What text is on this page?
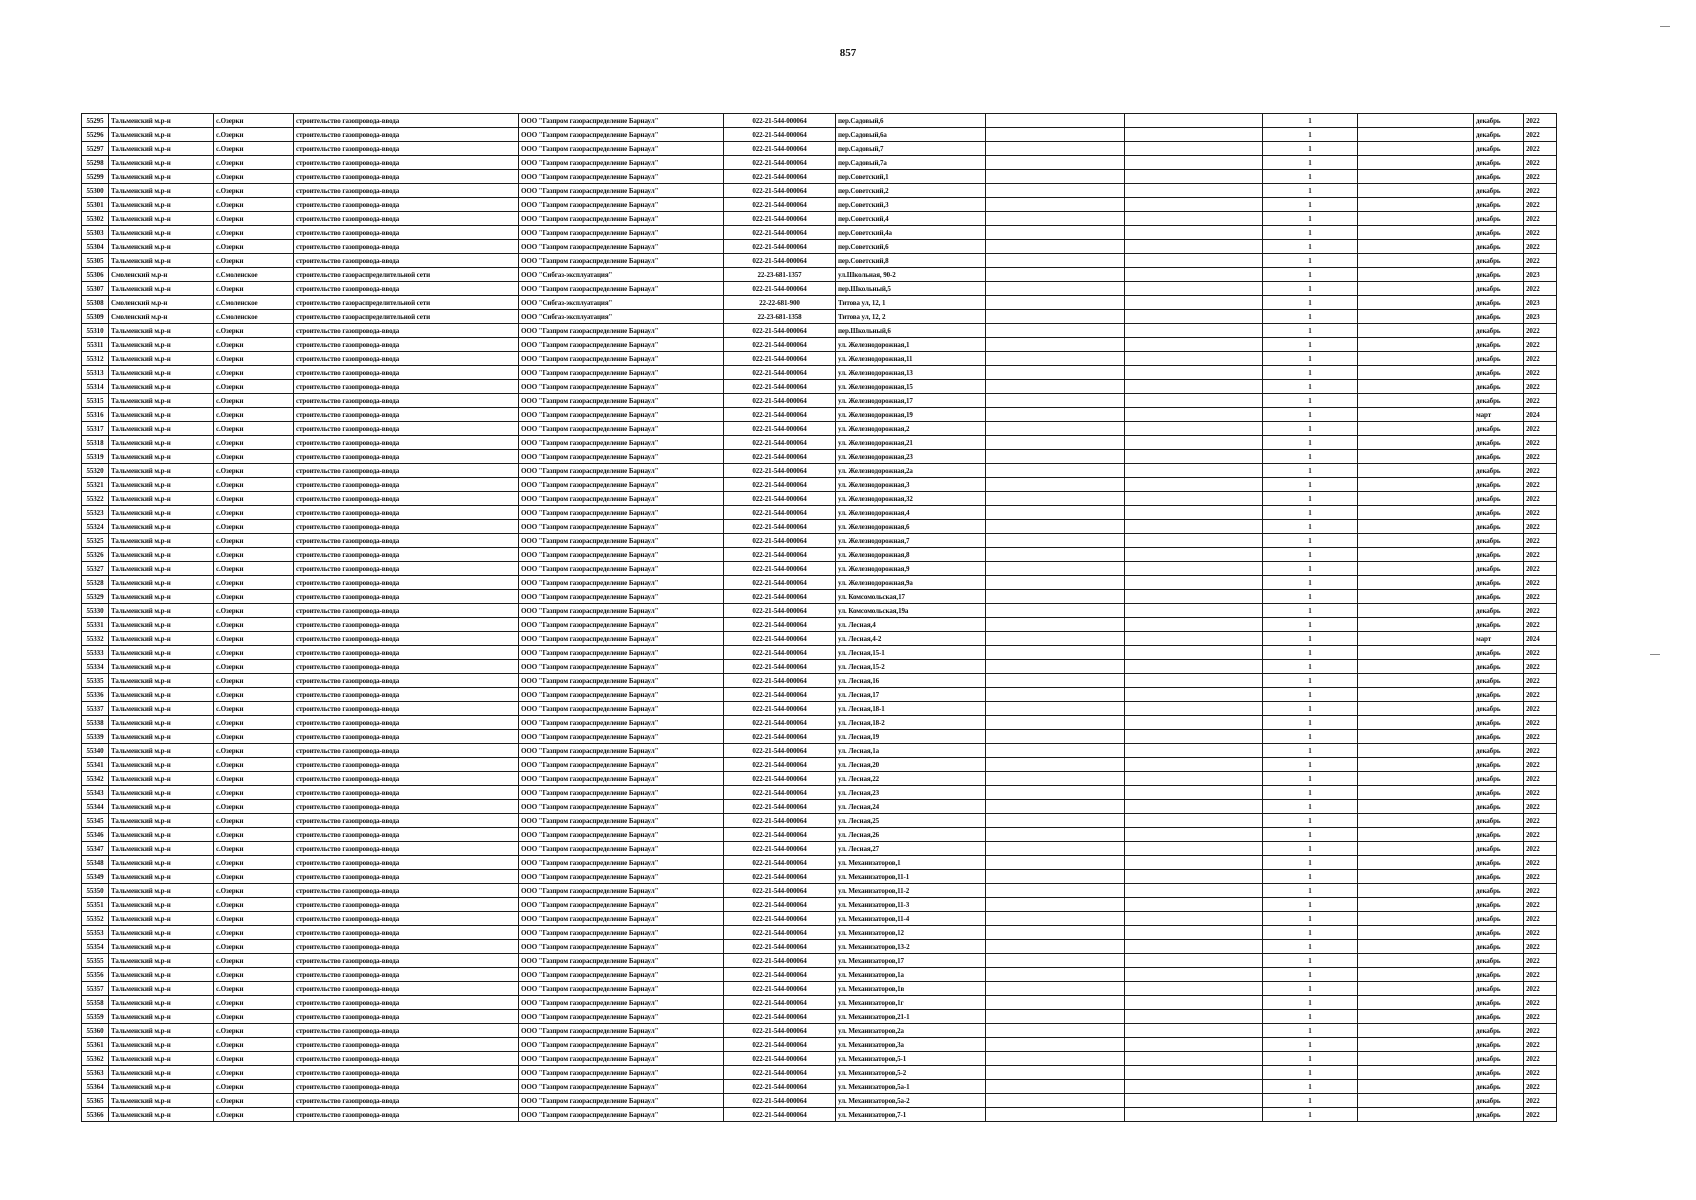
857
55295	Тальменский м.р-н	с.Озерки	строительство газопровода-ввода	ООО "Газпром газораспределение Барнаул"	022-21-544-000064	пер.Садовый,6			1		декабрь	2022
55296	Тальменский м.р-н	с.Озерки	строительство газопровода-ввода	ООО "Газпром газораспределение Барнаул"	022-21-544-000064	пер.Садовый,6а			1		декабрь	2022
55297	Тальменский м.р-н	с.Озерки	строительство газопровода-ввода	ООО "Газпром газораспределение Барнаул"	022-21-544-000064	пер.Садовый,7			1		декабрь	2022
55298	Тальменский м.р-н	с.Озерки	строительство газопровода-ввода	ООО "Газпром газораспределение Барнаул"	022-21-544-000064	пер.Садовый,7а			1		декабрь	2022
55299	Тальменский м.р-н	с.Озерки	строительство газопровода-ввода	ООО "Газпром газораспределение Барнаул"	022-21-544-000064	пер.Советский,1			1		декабрь	2022
55300	Тальменский м.р-н	с.Озерки	строительство газопровода-ввода	ООО "Газпром газораспределение Барнаул"	022-21-544-000064	пер.Советский,2			1		декабрь	2022
55301	Тальменский м.р-н	с.Озерки	строительство газопровода-ввода	ООО "Газпром газораспределение Барнаул"	022-21-544-000064	пер.Советский,3			1		декабрь	2022
55302	Тальменский м.р-н	с.Озерки	строительство газопровода-ввода	ООО "Газпром газораспределение Барнаул"	022-21-544-000064	пер.Советский,4			1		декабрь	2022
55303	Тальменский м.р-н	с.Озерки	строительство газопровода-ввода	ООО "Газпром газораспределение Барнаул"	022-21-544-000064	пер.Советский,4а			1		декабрь	2022
55304	Тальменский м.р-н	с.Озерки	строительство газопровода-ввода	ООО "Газпром газораспределение Барнаул"	022-21-544-000064	пер.Советский,6			1		декабрь	2022
55305	Тальменский м.р-н	с.Озерки	строительство газопровода-ввода	ООО "Газпром газораспределение Барнаул"	022-21-544-000064	пер.Советский,8			1		декабрь	2022
55306	Смоленский м.р-н	с.Смоленское	строительство газораспределительной сети	ООО "Сибгаз-эксплуатация"	22-23-681-1357	ул.Школьная, 90-2			1		декабрь	2023
55307	Тальменский м.р-н	с.Озерки	строительство газопровода-ввода	ООО "Газпром газораспределение Барнаул"	022-21-544-000064	пер.Школьный,5			1		декабрь	2022
55308	Смоленский м.р-н	с.Смоленское	строительство газораспределительной сети	ООО "Сибгаз-эксплуатация"	22-22-681-900	Титова ул, 12, 1			1		декабрь	2023
55309	Смоленский м.р-н	с.Смоленское	строительство газораспределительной сети	ООО "Сибгаз-эксплуатация"	22-23-681-1358	Титова ул, 12, 2			1		декабрь	2023
55310	Тальменский м.р-н	с.Озерки	строительство газопровода-ввода	ООО "Газпром газораспределение Барнаул"	022-21-544-000064	пер.Школьный,6			1		декабрь	2022
55311	Тальменский м.р-н	с.Озерки	строительство газопровода-ввода	ООО "Газпром газораспределение Барнаул"	022-21-544-000064	ул. Железнодорожная,1			1		декабрь	2022
55312	Тальменский м.р-н	с.Озерки	строительство газопровода-ввода	ООО "Газпром газораспределение Барнаул"	022-21-544-000064	ул. Железнодорожная,11			1		декабрь	2022
55313	Тальменский м.р-н	с.Озерки	строительство газопровода-ввода	ООО "Газпром газораспределение Барнаул"	022-21-544-000064	ул. Железнодорожная,13			1		декабрь	2022
55314	Тальменский м.р-н	с.Озерки	строительство газопровода-ввода	ООО "Газпром газораспределение Барнаул"	022-21-544-000064	ул. Железнодорожная,15			1		декабрь	2022
55315	Тальменский м.р-н	с.Озерки	строительство газопровода-ввода	ООО "Газпром газораспределение Барнаул"	022-21-544-000064	ул. Железнодорожная,17			1		декабрь	2022
55316	Тальменский м.р-н	с.Озерки	строительство газопровода-ввода	ООО "Газпром газораспределение Барнаул"	022-21-544-000064	ул. Железнодорожная,19			1		март	2024
55317	Тальменский м.р-н	с.Озерки	строительство газопровода-ввода	ООО "Газпром газораспределение Барнаул"	022-21-544-000064	ул. Железнодорожная,2			1		декабрь	2022
55318	Тальменский м.р-н	с.Озерки	строительство газопровода-ввода	ООО "Газпром газораспределение Барнаул"	022-21-544-000064	ул. Железнодорожная,21			1		декабрь	2022
55319	Тальменский м.р-н	с.Озерки	строительство газопровода-ввода	ООО "Газпром газораспределение Барнаул"	022-21-544-000064	ул. Железнодорожная,23			1		декабрь	2022
55320	Тальменский м.р-н	с.Озерки	строительство газопровода-ввода	ООО "Газпром газораспределение Барнаул"	022-21-544-000064	ул. Железнодорожная,2а			1		декабрь	2022
55321	Тальменский м.р-н	с.Озерки	строительство газопровода-ввода	ООО "Газпром газораспределение Барнаул"	022-21-544-000064	ул. Железнодорожная,3			1		декабрь	2022
55322	Тальменский м.р-н	с.Озерки	строительство газопровода-ввода	ООО "Газпром газораспределение Барнаул"	022-21-544-000064	ул. Железнодорожная,32			1		декабрь	2022
55323	Тальменский м.р-н	с.Озерки	строительство газопровода-ввода	ООО "Газпром газораспределение Барнаул"	022-21-544-000064	ул. Железнодорожная,4			1		декабрь	2022
55324	Тальменский м.р-н	с.Озерки	строительство газопровода-ввода	ООО "Газпром газораспределение Барнаул"	022-21-544-000064	ул. Железнодорожная,6			1		декабрь	2022
55325	Тальменский м.р-н	с.Озерки	строительство газопровода-ввода	ООО "Газпром газораспределение Барнаул"	022-21-544-000064	ул. Железнодорожная,7			1		декабрь	2022
55326	Тальменский м.р-н	с.Озерки	строительство газопровода-ввода	ООО "Газпром газораспределение Барнаул"	022-21-544-000064	ул. Железнодорожная,8			1		декабрь	2022
55327	Тальменский м.р-н	с.Озерки	строительство газопровода-ввода	ООО "Газпром газораспределение Барнаул"	022-21-544-000064	ул. Железнодорожная,9			1		декабрь	2022
55328	Тальменский м.р-н	с.Озерки	строительство газопровода-ввода	ООО "Газпром газораспределение Барнаул"	022-21-544-000064	ул. Железнодорожная,9а			1		декабрь	2022
55329	Тальменский м.р-н	с.Озерки	строительство газопровода-ввода	ООО "Газпром газораспределение Барнаул"	022-21-544-000064	ул. Комсомольская,17			1		декабрь	2022
55330	Тальменский м.р-н	с.Озерки	строительство газопровода-ввода	ООО "Газпром газораспределение Барнаул"	022-21-544-000064	ул. Комсомольская,19а			1		декабрь	2022
55331	Тальменский м.р-н	с.Озерки	строительство газопровода-ввода	ООО "Газпром газораспределение Барнаул"	022-21-544-000064	ул. Лесная,4			1		декабрь	2022
55332	Тальменский м.р-н	с.Озерки	строительство газопровода-ввода	ООО "Газпром газораспределение Барнаул"	022-21-544-000064	ул. Лесная,4-2			1		март	2024
55333	Тальменский м.р-н	с.Озерки	строительство газопровода-ввода	ООО "Газпром газораспределение Барнаул"	022-21-544-000064	ул. Лесная,15-1			1		декабрь	2022
55334	Тальменский м.р-н	с.Озерки	строительство газопровода-ввода	ООО "Газпром газораспределение Барнаул"	022-21-544-000064	ул. Лесная,15-2			1		декабрь	2022
55335	Тальменский м.р-н	с.Озерки	строительство газопровода-ввода	ООО "Газпром газораспределение Барнаул"	022-21-544-000064	ул. Лесная,16			1		декабрь	2022
55336	Тальменский м.р-н	с.Озерки	строительство газопровода-ввода	ООО "Газпром газораспределение Барнаул"	022-21-544-000064	ул. Лесная,17			1		декабрь	2022
55337	Тальменский м.р-н	с.Озерки	строительство газопровода-ввода	ООО "Газпром газораспределение Барнаул"	022-21-544-000064	ул. Лесная,18-1			1		декабрь	2022
55338	Тальменский м.р-н	с.Озерки	строительство газопровода-ввода	ООО "Газпром газораспределение Барнаул"	022-21-544-000064	ул. Лесная,18-2			1		декабрь	2022
55339	Тальменский м.р-н	с.Озерки	строительство газопровода-ввода	ООО "Газпром газораспределение Барнаул"	022-21-544-000064	ул. Лесная,19			1		декабрь	2022
55340	Тальменский м.р-н	с.Озерки	строительство газопровода-ввода	ООО "Газпром газораспределение Барнаул"	022-21-544-000064	ул. Лесная,1а			1		декабрь	2022
55341	Тальменский м.р-н	с.Озерки	строительство газопровода-ввода	ООО "Газпром газораспределение Барнаул"	022-21-544-000064	ул. Лесная,20			1		декабрь	2022
55342	Тальменский м.р-н	с.Озерки	строительство газопровода-ввода	ООО "Газпром газораспределение Барнаул"	022-21-544-000064	ул. Лесная,22			1		декабрь	2022
55343	Тальменский м.р-н	с.Озерки	строительство газопровода-ввода	ООО "Газпром газораспределение Барнаул"	022-21-544-000064	ул. Лесная,23			1		декабрь	2022
55344	Тальменский м.р-н	с.Озерки	строительство газопровода-ввода	ООО "Газпром газораспределение Барнаул"	022-21-544-000064	ул. Лесная,24			1		декабрь	2022
55345	Тальменский м.р-н	с.Озерки	строительство газопровода-ввода	ООО "Газпром газораспределение Барнаул"	022-21-544-000064	ул. Лесная,25			1		декабрь	2022
55346	Тальменский м.р-н	с.Озерки	строительство газопровода-ввода	ООО "Газпром газораспределение Барнаул"	022-21-544-000064	ул. Лесная,26			1		декабрь	2022
55347	Тальменский м.р-н	с.Озерки	строительство газопровода-ввода	ООО "Газпром газораспределение Барнаул"	022-21-544-000064	ул. Лесная,27			1		декабрь	2022
55348	Тальменский м.р-н	с.Озерки	строительство газопровода-ввода	ООО "Газпром газораспределение Барнаул"	022-21-544-000064	ул. Механизаторов,1			1		декабрь	2022
55349	Тальменский м.р-н	с.Озерки	строительство газопровода-ввода	ООО "Газпром газораспределение Барнаул"	022-21-544-000064	ул. Механизаторов,11-1			1		декабрь	2022
55350	Тальменский м.р-н	с.Озерки	строительство газопровода-ввода	ООО "Газпром газораспределение Барнаул"	022-21-544-000064	ул. Механизаторов,11-2			1		декабрь	2022
55351	Тальменский м.р-н	с.Озерки	строительство газопровода-ввода	ООО "Газпром газораспределение Барнаул"	022-21-544-000064	ул. Механизаторов,11-3			1		декабрь	2022
55352	Тальменский м.р-н	с.Озерки	строительство газопровода-ввода	ООО "Газпром газораспределение Барнаул"	022-21-544-000064	ул. Механизаторов,11-4			1		декабрь	2022
55353	Тальменский м.р-н	с.Озерки	строительство газопровода-ввода	ООО "Газпром газораспределение Барнаул"	022-21-544-000064	ул. Механизаторов,12			1		декабрь	2022
55354	Тальменский м.р-н	с.Озерки	строительство газопровода-ввода	ООО "Газпром газораспределение Барнаул"	022-21-544-000064	ул. Механизаторов,13-2			1		декабрь	2022
55355	Тальменский м.р-н	с.Озерки	строительство газопровода-ввода	ООО "Газпром газораспределение Барнаул"	022-21-544-000064	ул. Механизаторов,17			1		декабрь	2022
55356	Тальменский м.р-н	с.Озерки	строительство газопровода-ввода	ООО "Газпром газораспределение Барнаул"	022-21-544-000064	ул. Механизаторов,1а			1		декабрь	2022
55357	Тальменский м.р-н	с.Озерки	строительство газопровода-ввода	ООО "Газпром газораспределение Барнаул"	022-21-544-000064	ул. Механизаторов,1в			1		декабрь	2022
55358	Тальменский м.р-н	с.Озерки	строительство газопровода-ввода	ООО "Газпром газораспределение Барнаул"	022-21-544-000064	ул. Механизаторов,1г			1		декабрь	2022
55359	Тальменский м.р-н	с.Озерки	строительство газопровода-ввода	ООО "Газпром газораспределение Барнаул"	022-21-544-000064	ул. Механизаторов,21-1			1		декабрь	2022
55360	Тальменский м.р-н	с.Озерки	строительство газопровода-ввода	ООО "Газпром газораспределение Барнаул"	022-21-544-000064	ул. Механизаторов,2а			1		декабрь	2022
55361	Тальменский м.р-н	с.Озерки	строительство газопровода-ввода	ООО "Газпром газораспределение Барнаул"	022-21-544-000064	ул. Механизаторов,3а			1		декабрь	2022
55362	Тальменский м.р-н	с.Озерки	строительство газопровода-ввода	ООО "Газпром газораспределение Барнаул"	022-21-544-000064	ул. Механизаторов,5-1			1		декабрь	2022
55363	Тальменский м.р-н	с.Озерки	строительство газопровода-ввода	ООО "Газпром газораспределение Барнаул"	022-21-544-000064	ул. Механизаторов,5-2			1		декабрь	2022
55364	Тальменский м.р-н	с.Озерки	строительство газопровода-ввода	ООО "Газпром газораспределение Барнаул"	022-21-544-000064	ул. Механизаторов,5а-1			1		декабрь	2022
55365	Тальменский м.р-н	с.Озерки	строительство газопровода-ввода	ООО "Газпром газораспределение Барнаул"	022-21-544-000064	ул. Механизаторов,5а-2			1		декабрь	2022
55366	Тальменский м.р-н	с.Озерки	строительство газопровода-ввода	ООО "Газпром газораспределение Барнаул"	022-21-544-000064	ул. Механизаторов,7-1			1		декабрь	2022
